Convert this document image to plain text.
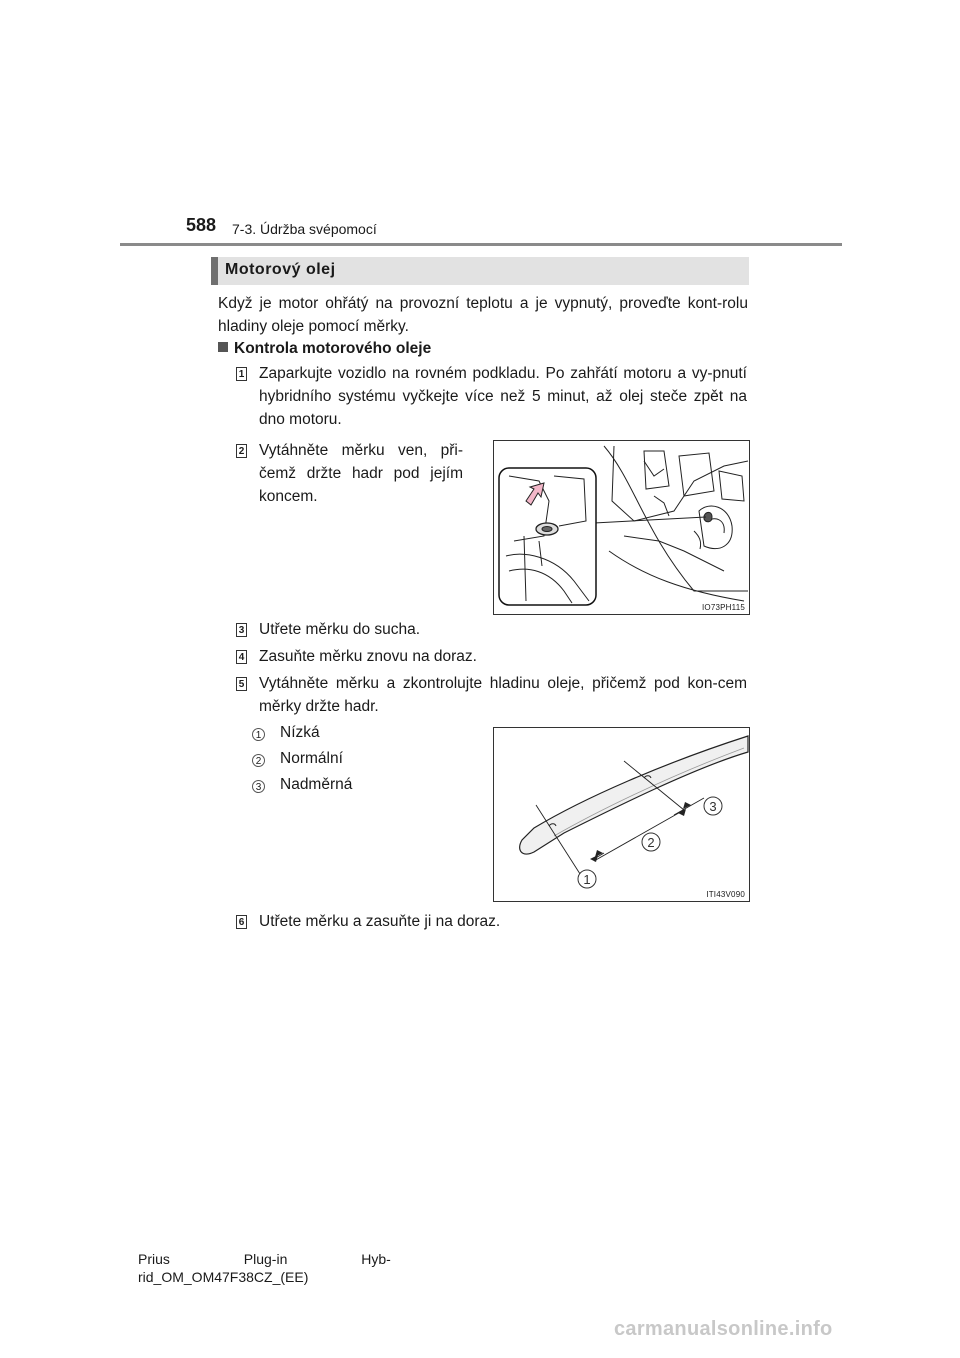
588 7-3. Údržba svépomocí
Motorový olej
Když je motor ohřátý na provozní teplotu a je vypnutý, proveďte kont-rolu hladiny oleje pomocí měrky.
Kontrola motorového oleje
1 Zaparkujte vozidlo na rovném podkladu. Po zahřátí motoru a vy-pnutí hybridního systému vyčkejte více než 5 minut, až olej steče zpět na dno motoru.
2 Vytáhněte měrku ven, při-čemž držte hadr pod jejím koncem.
IO73PH115
3 Utřete měrku do sucha.
4 Zasuňte měrku znovu na doraz.
5 Vytáhněte měrku a zkontrolujte hladinu oleje, přičemž pod kon-cem měrky držte hadr.
1 Nízká
2 Normální
3 Nadměrná
1
2
3
ITI43V090
6 Utřete měrku a zasuňte ji na doraz.
Prius Plug-in Hyb-
rid_OM_OM47F38CZ_(EE)
carmanualsonline.info
